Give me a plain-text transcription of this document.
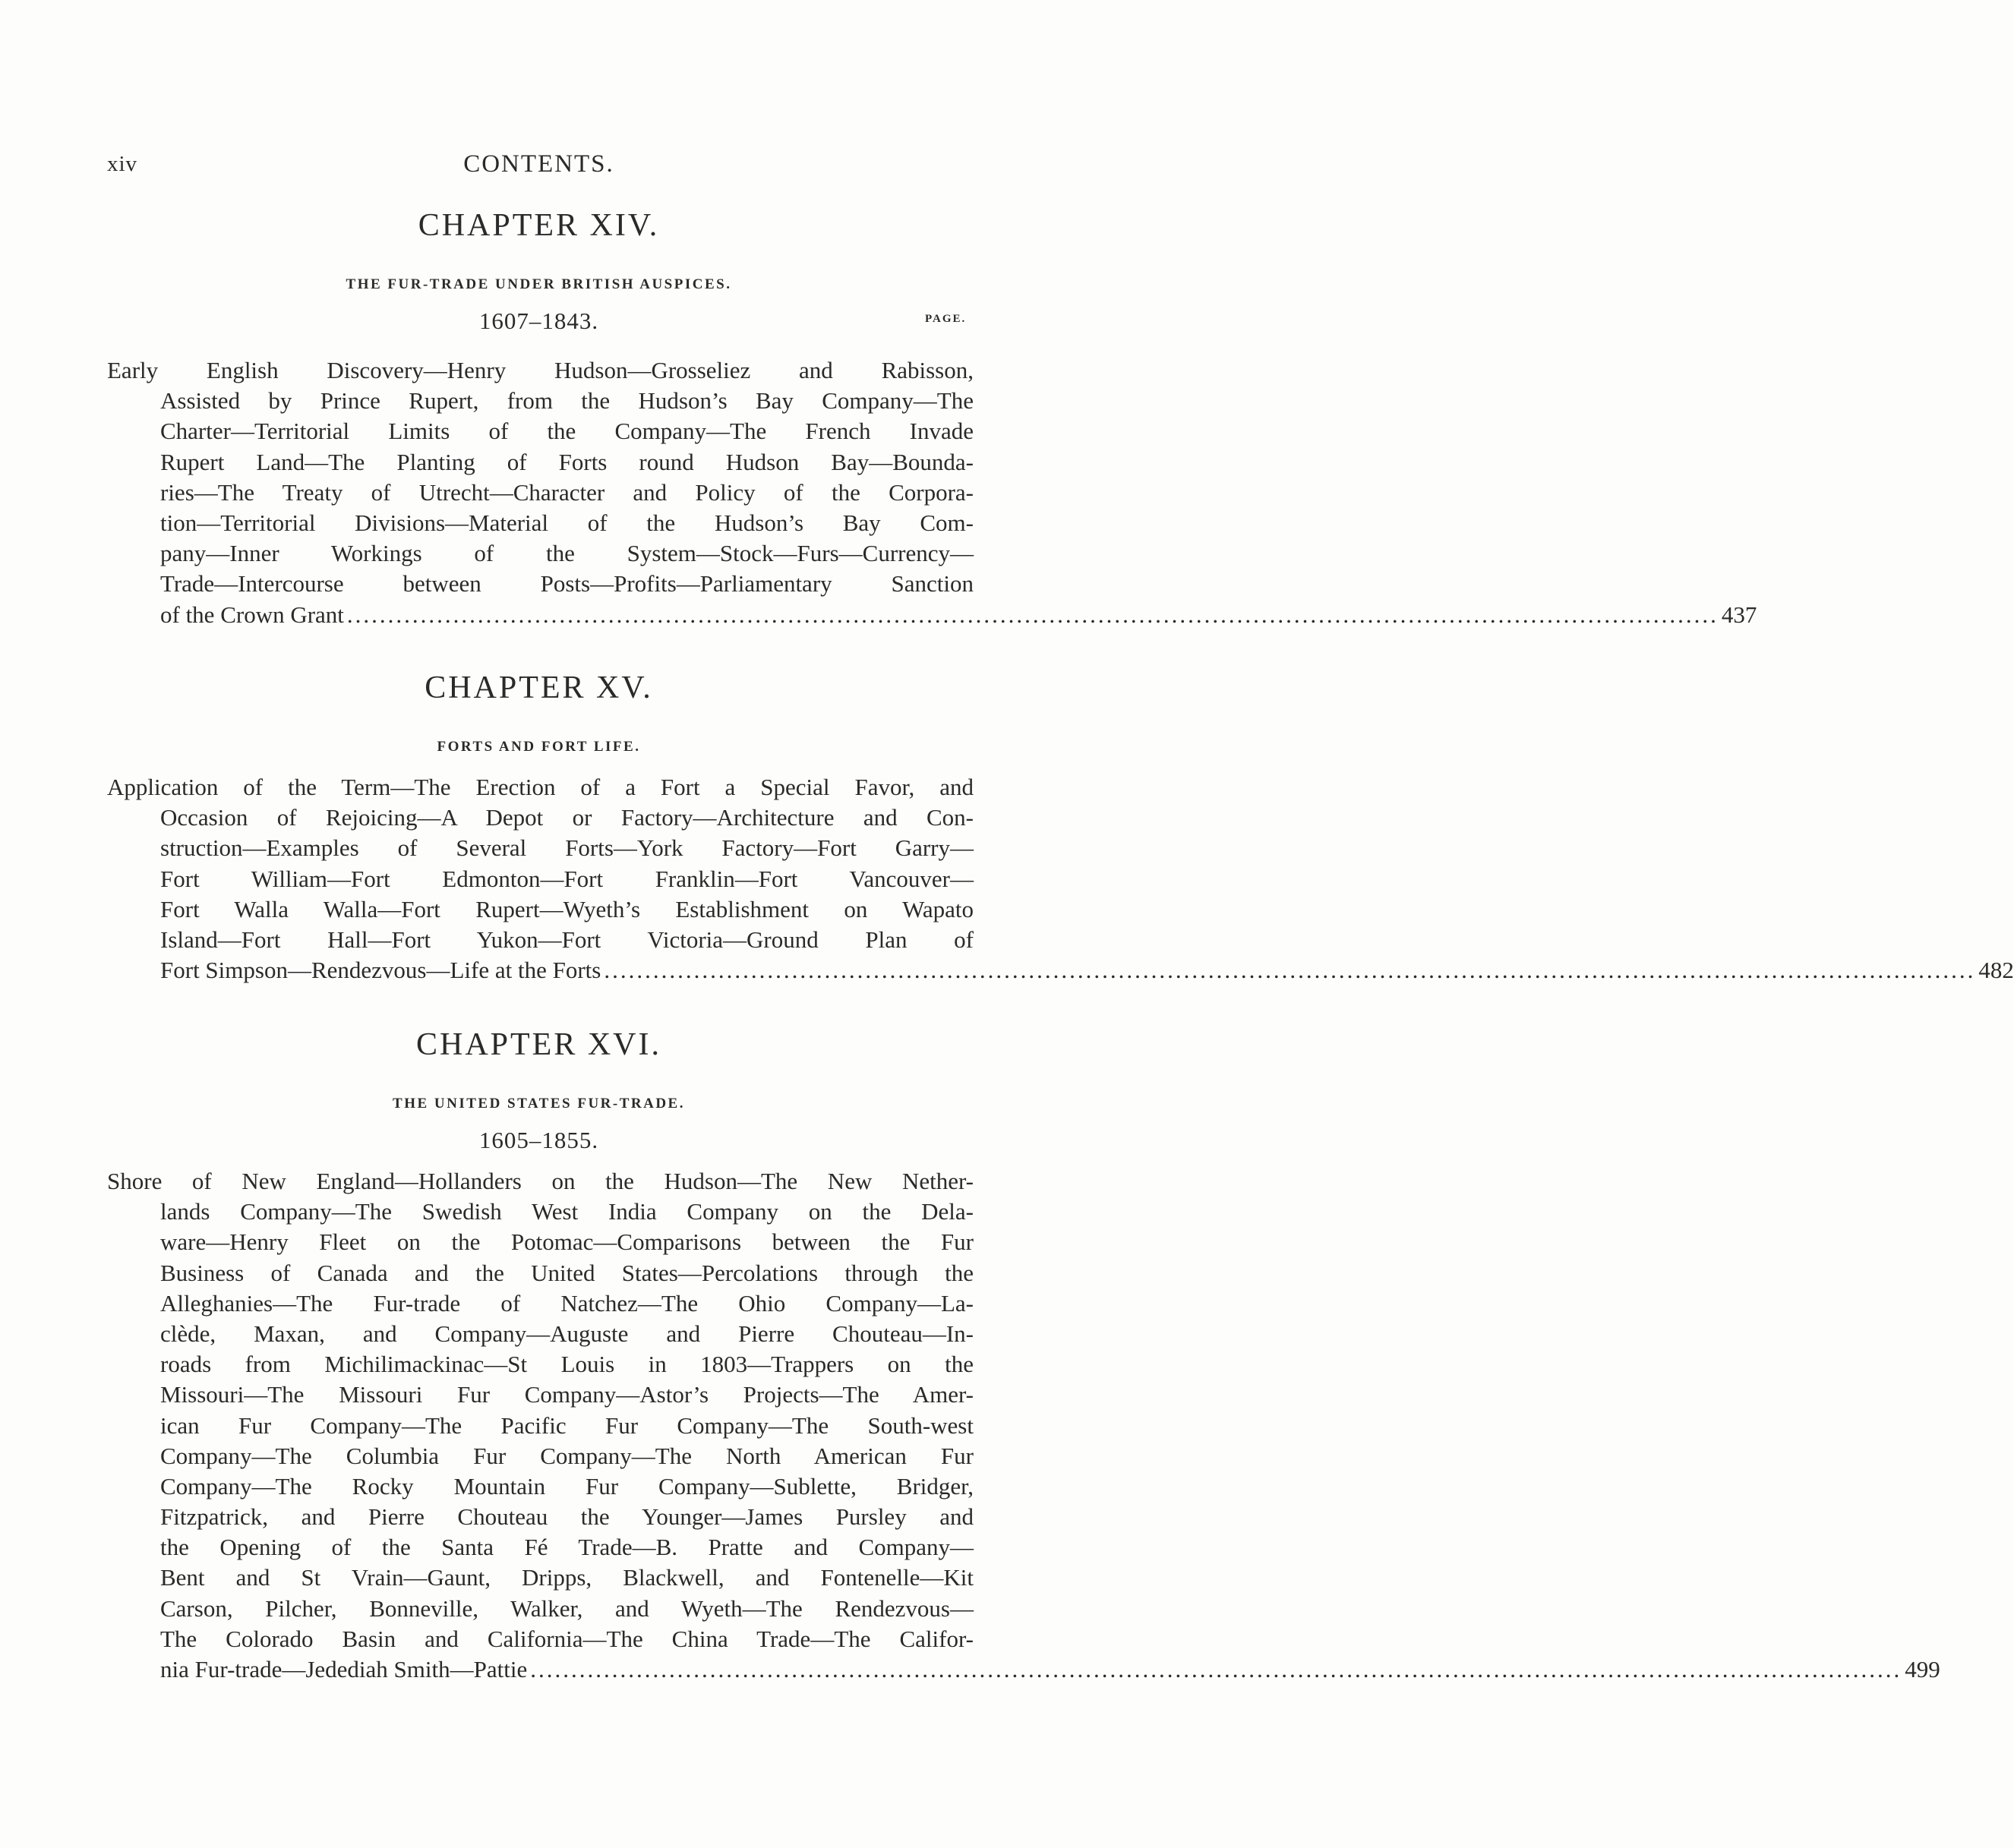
xiv	CONTENTS.
CHAPTER XIV.
THE FUR-TRADE UNDER BRITISH AUSPICES.
1607–1843.	PAGE.
Early English Discovery—Henry Hudson—Grosseliez and Rabisson,
Assisted by Prince Rupert, from the Hudson’s Bay Company—The
Charter—Territorial Limits of the Company—The French Invade
Rupert Land—The Planting of Forts round Hudson Bay—Bounda-
ries—The Treaty of Utrecht—Character and Policy of the Corpora-
tion—Territorial Divisions—Material of the Hudson’s Bay Com-
pany—Inner Workings of the System—Stock—Furs—Currency—
Trade—Intercourse between Posts—Profits—Parliamentary Sanction
of the Crown Grant ........................................................................................................................................................................ 437
CHAPTER XV.
FORTS AND FORT LIFE.
Application of the Term—The Erection of a Fort a Special Favor, and
Occasion of Rejoicing—A Depot or Factory—Architecture and Con-
struction—Examples of Several Forts—York Factory—Fort Garry—
Fort William—Fort Edmonton—Fort Franklin—Fort Vancouver—
Fort Walla Walla—Fort Rupert—Wyeth’s Establishment on Wapato
Island—Fort Hall—Fort Yukon—Fort Victoria—Ground Plan of
Fort Simpson—Rendezvous—Life at the Forts ........................................................................................................................................................................ 482
CHAPTER XVI.
THE UNITED STATES FUR-TRADE.
1605–1855.
Shore of New England—Hollanders on the Hudson—The New Nether-
lands Company—The Swedish West India Company on the Dela-
ware—Henry Fleet on the Potomac—Comparisons between the Fur
Business of Canada and the United States—Percolations through the
Alleghanies—The Fur-trade of Natchez—The Ohio Company—La-
clède, Maxan, and Company—Auguste and Pierre Chouteau—In-
roads from Michilimackinac—St Louis in 1803—Trappers on the
Missouri—The Missouri Fur Company—Astor’s Projects—The Amer-
ican Fur Company—The Pacific Fur Company—The South-west
Company—The Columbia Fur Company—The North American Fur
Company—The Rocky Mountain Fur Company—Sublette, Bridger,
Fitzpatrick, and Pierre Chouteau the Younger—James Pursley and
the Opening of the Santa Fé Trade—B. Pratte and Company—
Bent and St Vrain—Gaunt, Dripps, Blackwell, and Fontenelle—Kit
Carson, Pilcher, Bonneville, Walker, and Wyeth—The Rendezvous—
The Colorado Basin and California—The China Trade—The Califor-
nia Fur-trade—Jedediah Smith—Pattie ........................................................................................................................................................................ 499
